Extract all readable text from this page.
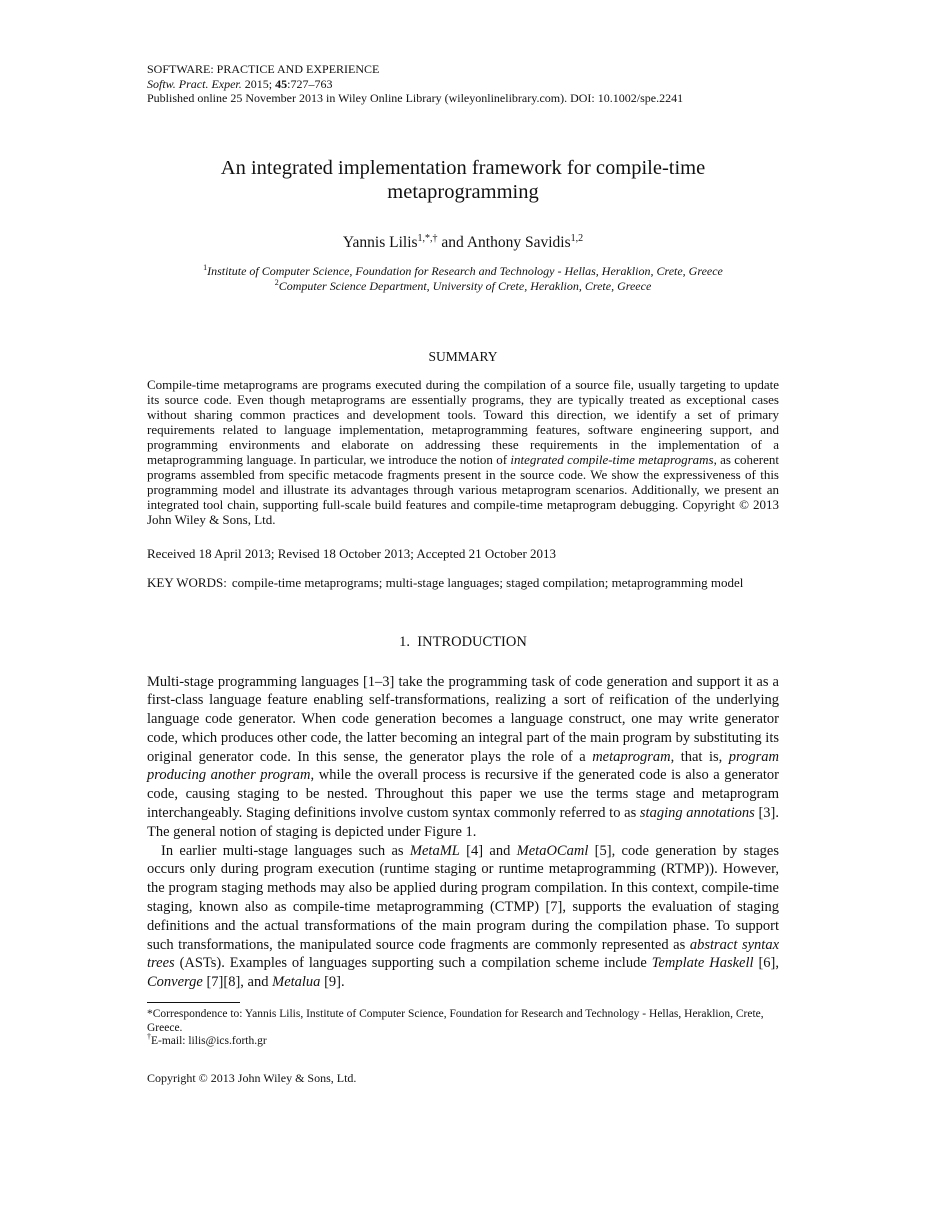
SOFTWARE: PRACTICE AND EXPERIENCE
Softw. Pract. Exper. 2015; 45:727–763
Published online 25 November 2013 in Wiley Online Library (wileyonlinelibrary.com). DOI: 10.1002/spe.2241
An integrated implementation framework for compile-time
metaprogramming
Yannis Lilis$^{1,*,\dagger}$ and Anthony Savidis$^{1,2}$
$^1$Institute of Computer Science, Foundation for Research and Technology - Hellas, Heraklion, Crete, Greece
$^2$Computer Science Department, University of Crete, Heraklion, Crete, Greece
SUMMARY
Compile-time metaprograms are programs executed during the compilation of a source file, usually targeting to update its source code. Even though metaprograms are essentially programs, they are typically treated as exceptional cases without sharing common practices and development tools. Toward this direction, we identify a set of primary requirements related to language implementation, metaprogramming features, software engineering support, and programming environments and elaborate on addressing these requirements in the implementation of a metaprogramming language. In particular, we introduce the notion of integrated compile-time metaprograms, as coherent programs assembled from specific metacode fragments present in the source code. We show the expressiveness of this programming model and illustrate its advantages through various metaprogram scenarios. Additionally, we present an integrated tool chain, supporting full-scale build features and compile-time metaprogram debugging. Copyright © 2013 John Wiley & Sons, Ltd.
Received 18 April 2013; Revised 18 October 2013; Accepted 21 October 2013
KEY WORDS: compile-time metaprograms; multi-stage languages; staged compilation; metaprogramming model
1.  INTRODUCTION

Multi-stage programming languages [1–3] take the programming task of code generation and support it as a first-class language feature enabling self-transformations, realizing a sort of reification of the underlying language code generator. When code generation becomes a language construct, one may write generator code, which produces other code, the latter becoming an integral part of the main program by substituting its original generator code. In this sense, the generator plays the role of a metaprogram, that is, program producing another program, while the overall process is recursive if the generated code is also a generator code, causing staging to be nested. Throughout this paper we use the terms stage and metaprogram interchangeably. Staging definitions involve custom syntax commonly referred to as staging annotations [3]. The general notion of staging is depicted under Figure 1.

In earlier multi-stage languages such as MetaML [4] and MetaOCaml [5], code generation by stages occurs only during program execution (runtime staging or runtime metaprogramming (RTMP)). However, the program staging methods may also be applied during program compilation. In this context, compile-time staging, known also as compile-time metaprogramming (CTMP) [7], supports the evaluation of staging definitions and the actual transformations of the main program during the compilation phase. To support such transformations, the manipulated source code fragments are commonly represented as abstract syntax trees (ASTs). Examples of languages supporting such a compilation scheme include Template Haskell [6], Converge [7][8], and Metalua [9].

*Correspondence to: Yannis Lilis, Institute of Computer Science, Foundation for Research and Technology - Hellas, Heraklion, Crete, Greece.
†E-mail: lilis@ics.forth.gr
Copyright © 2013 John Wiley & Sons, Ltd.
